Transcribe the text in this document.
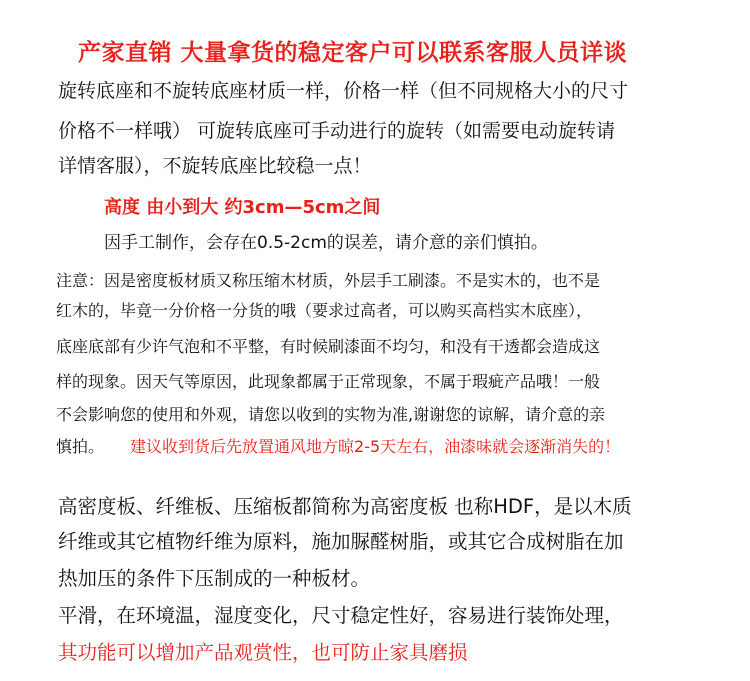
产家直销 大量拿货的稳定客户可以联系客服人员详谈

旋转底座和不旋转底座材质一样，价格一样（但不同规格大小的尺寸

价格不一样哦） 可旋转底座可手动进行的旋转（如需要电动旋转请

详情客服），不旋转底座比较稳一点！

高度 由小到大 约3cm—5cm之间

因手工制作，会存在0.5-2cm的误差，请介意的亲们慎拍。

注意：因是密度板材质又称压缩木材质，外层手工刷漆。不是实木的，也不是

红木的，毕竟一分价格一分货的哦（要求过高者，可以购买高档实木底座），

底座底部有少许气泡和不平整，有时候刷漆面不均匀，和没有干透都会造成这

样的现象。因天气等原因，此现象都属于正常现象，不属于瑕疵产品哦！一般

不会影响您的使用和外观，请您以收到的实物为准,谢谢您的谅解，请介意的亲

慎拍。 建议收到货后先放置通风地方晾2-5天左右，油漆味就会逐渐消失的！

高密度板、纤维板、压缩板都简称为高密度板 也称HDF，是以木质

纤维或其它植物纤维为原料，施加脲醛树脂，或其它合成树脂在加

热加压的条件下压制成的一种板材。

平滑，在环境温，湿度变化，尺寸稳定性好，容易进行装饰处理，

其功能可以增加产品观赏性，也可防止家具磨损
